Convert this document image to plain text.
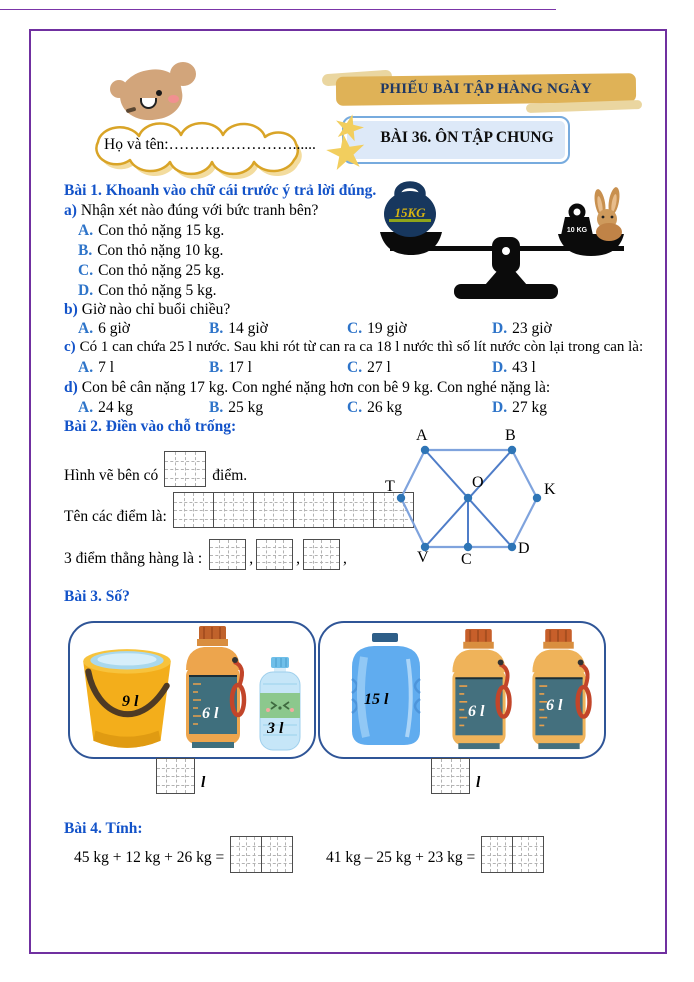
Họ và tên:……………………......
PHIẾU BÀI TẬP HÀNG NGÀY
BÀI 36. ÔN TẬP CHUNG
Bài 1. Khoanh vào chữ cái trước ý trả lời đúng.
a) Nhận xét nào đúng với bức tranh bên?
A. Con thỏ nặng 15 kg.
B. Con thỏ nặng 10 kg.
C. Con thỏ nặng 25 kg.
D. Con thỏ nặng 5 kg.
15KG
10 KG
b) Giờ nào chỉ buổi chiều?
A. 6 giờ	B. 14 giờ	C. 19 giờ	D. 23 giờ
c) Có 1 can chứa 25 l nước. Sau khi rót từ can ra ca 18 l nước thì số lít nước còn lại trong can là:
A. 7 l	B. 17 l	C. 27 l	D. 43 l
d) Con bê cân nặng 17 kg. Con nghé nặng hơn con bê 9 kg. Con nghé nặng là:
A. 24 kg	B. 25 kg	C. 26 kg	D. 27 kg
Bài 2. Điền vào chỗ trống:
Hình vẽ bên có	điểm.
Tên các điểm là:
3 điểm thẳng hàng là :	,	,	,
A	B
T	O	K
V C
D
Bài 3. Số?
9 l
6 l
3 l
15 l
6 l	6 l
l	l
Bài 4. Tính:
45 kg + 12 kg + 26 kg =	41 kg – 25 kg + 23 kg =
